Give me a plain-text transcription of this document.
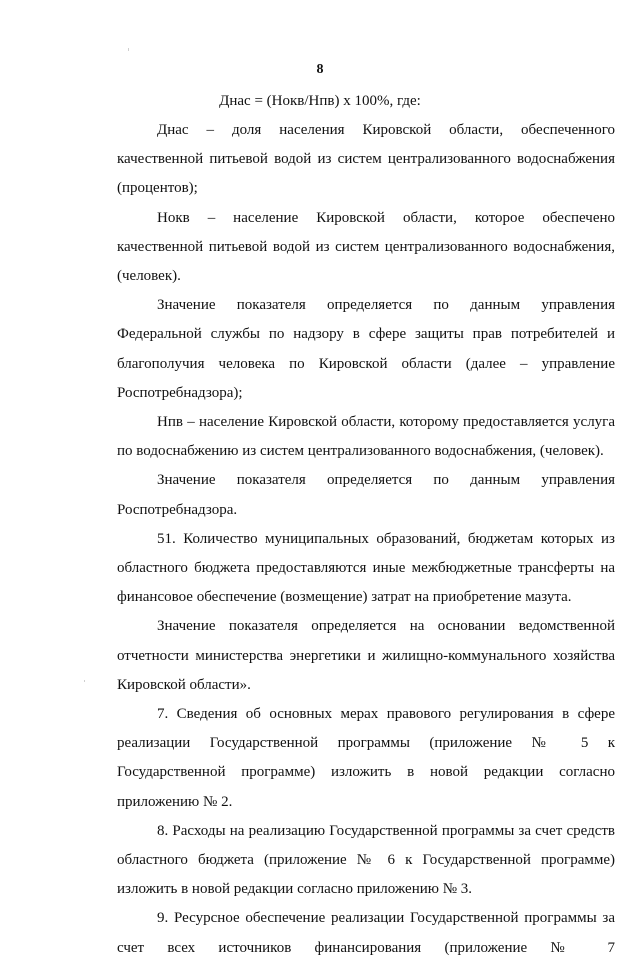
8
Днас = (Нокв/Нпв) х 100%, где:

Днас – доля населения Кировской области, обеспеченного качественной питьевой водой из систем централизованного водоснабжения (процентов);

Нокв – население Кировской области, которое обеспечено качественной питьевой водой из систем централизованного водоснабжения, (человек).

Значение показателя определяется по данным управления Федеральной службы по надзору в сфере защиты прав потребителей и благополучия человека по Кировской области (далее – управление Роспотребнадзора);

Нпв – население Кировской области, которому предоставляется услуга по водоснабжению из систем централизованного водоснабжения, (человек).

Значение показателя определяется по данным управления Роспотребнадзора.

51. Количество муниципальных образований, бюджетам которых из областного бюджета предоставляются иные межбюджетные трансферты на финансовое обеспечение (возмещение) затрат на приобретение мазута.

Значение показателя определяется на основании ведомственной отчетности министерства энергетики и жилищно-коммунального хозяйства Кировской области».

7. Сведения об основных мерах правового регулирования в сфере реализации Государственной программы (приложение № 5 к Государственной программе) изложить в новой редакции согласно приложению № 2.

8. Расходы на реализацию Государственной программы за счет средств областного бюджета (приложение № 6 к Государственной программе) изложить в новой редакции согласно приложению № 3.

9. Ресурсное обеспечение реализации Государственной программы за счет всех источников финансирования (приложение № 7
